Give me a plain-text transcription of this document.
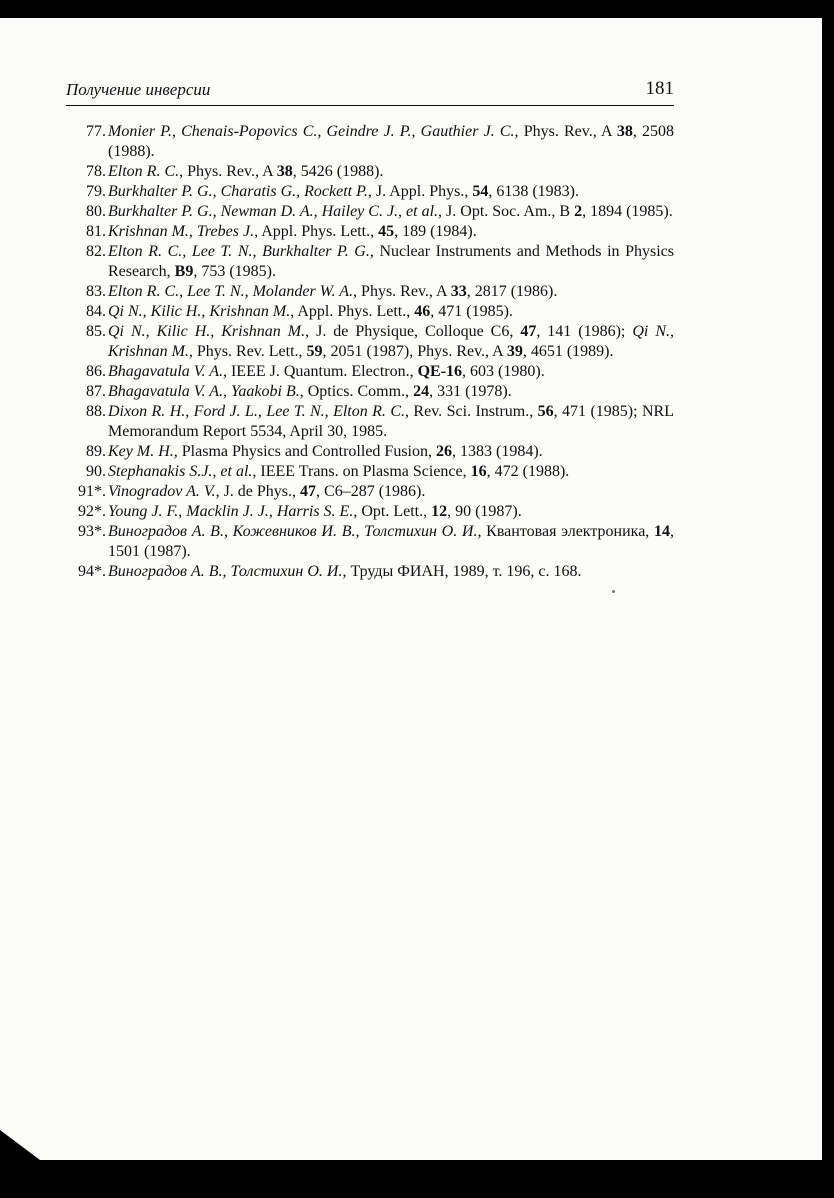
Получение инверсии	181
77. Monier P., Chenais-Popovics C., Geindre J. P., Gauthier J. C., Phys. Rev., A 38, 2508 (1988).
78. Elton R. C., Phys. Rev., A 38, 5426 (1988).
79. Burkhalter P. G., Charatis G., Rockett P., J. Appl. Phys., 54, 6138 (1983).
80. Burkhalter P. G., Newman D. A., Hailey C. J., et al., J. Opt. Soc. Am., B 2, 1894 (1985).
81. Krishnan M., Trebes J., Appl. Phys. Lett., 45, 189 (1984).
82. Elton R. C., Lee T. N., Burkhalter P. G., Nuclear Instruments and Methods in Physics Research, B9, 753 (1985).
83. Elton R. C., Lee T. N., Molander W. A., Phys. Rev., A 33, 2817 (1986).
84. Qi N., Kilic H., Krishnan M., Appl. Phys. Lett., 46, 471 (1985).
85. Qi N., Kilic H., Krishnan M., J. de Physique, Colloque C6, 47, 141 (1986); Qi N., Krishnan M., Phys. Rev. Lett., 59, 2051 (1987), Phys. Rev., A 39, 4651 (1989).
86. Bhagavatula V. A., IEEE J. Quantum. Electron., QE-16, 603 (1980).
87. Bhagavatula V. A., Yaakobi B., Optics. Comm., 24, 331 (1978).
88. Dixon R. H., Ford J. L., Lee T. N., Elton R. C., Rev. Sci. Instrum., 56, 471 (1985); NRL Memorandum Report 5534, April 30, 1985.
89. Key M. H., Plasma Physics and Controlled Fusion, 26, 1383 (1984).
90. Stephanakis S.J., et al., IEEE Trans. on Plasma Science, 16, 472 (1988).
91*. Vinogradov A. V., J. de Phys., 47, C6–287 (1986).
92*. Young J. F., Macklin J. J., Harris S. E., Opt. Lett., 12, 90 (1987).
93*. Виноградов А. В., Кожевников И. В., Толстихин О. И., Квантовая электроника, 14, 1501 (1987).
94*. Виноградов А. В., Толстихин О. И., Труды ФИАН, 1989, т. 196, с. 168.
